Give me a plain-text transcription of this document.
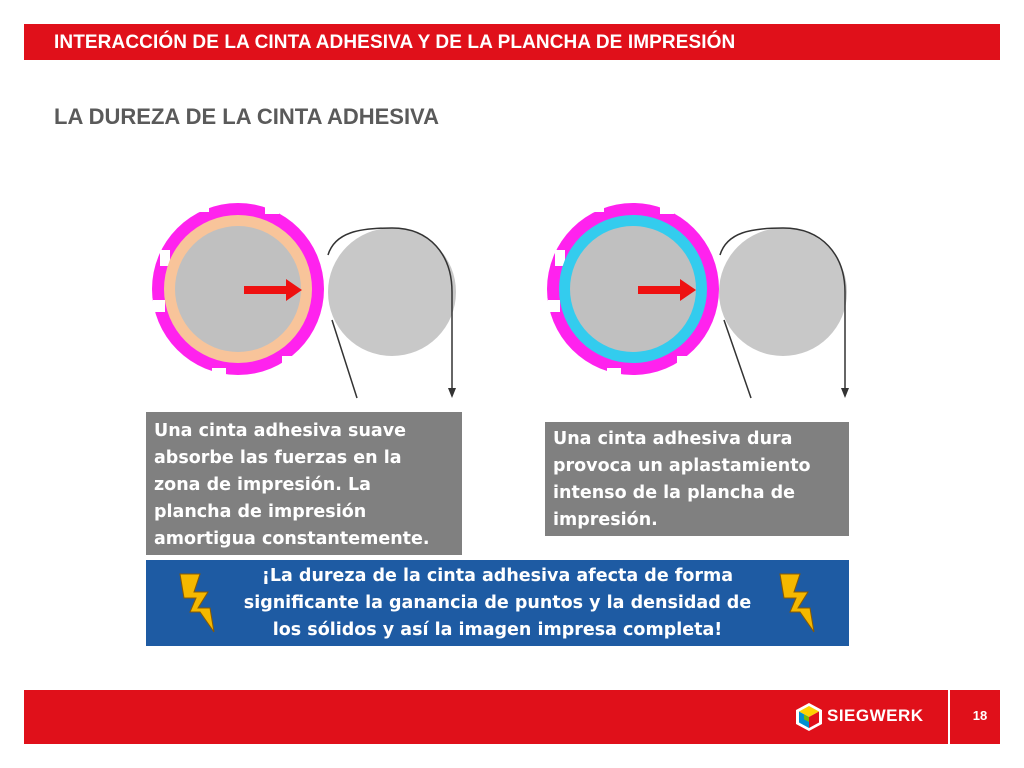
INTERACCIÓN DE LA CINTA ADHESIVA Y DE LA PLANCHA DE IMPRESIÓN
LA DUREZA DE LA CINTA ADHESIVA
Una cinta adhesiva suave
absorbe las fuerzas en la
zona de impresión. La
plancha de impresión
amortigua constantemente.
Una cinta adhesiva dura
provoca un aplastamiento
intenso de la plancha de
impresión.
¡La dureza de la cinta adhesiva afecta de forma
significante la ganancia de puntos y la densidad de
los sólidos y así la imagen impresa completa!
SIEGWERK	18
